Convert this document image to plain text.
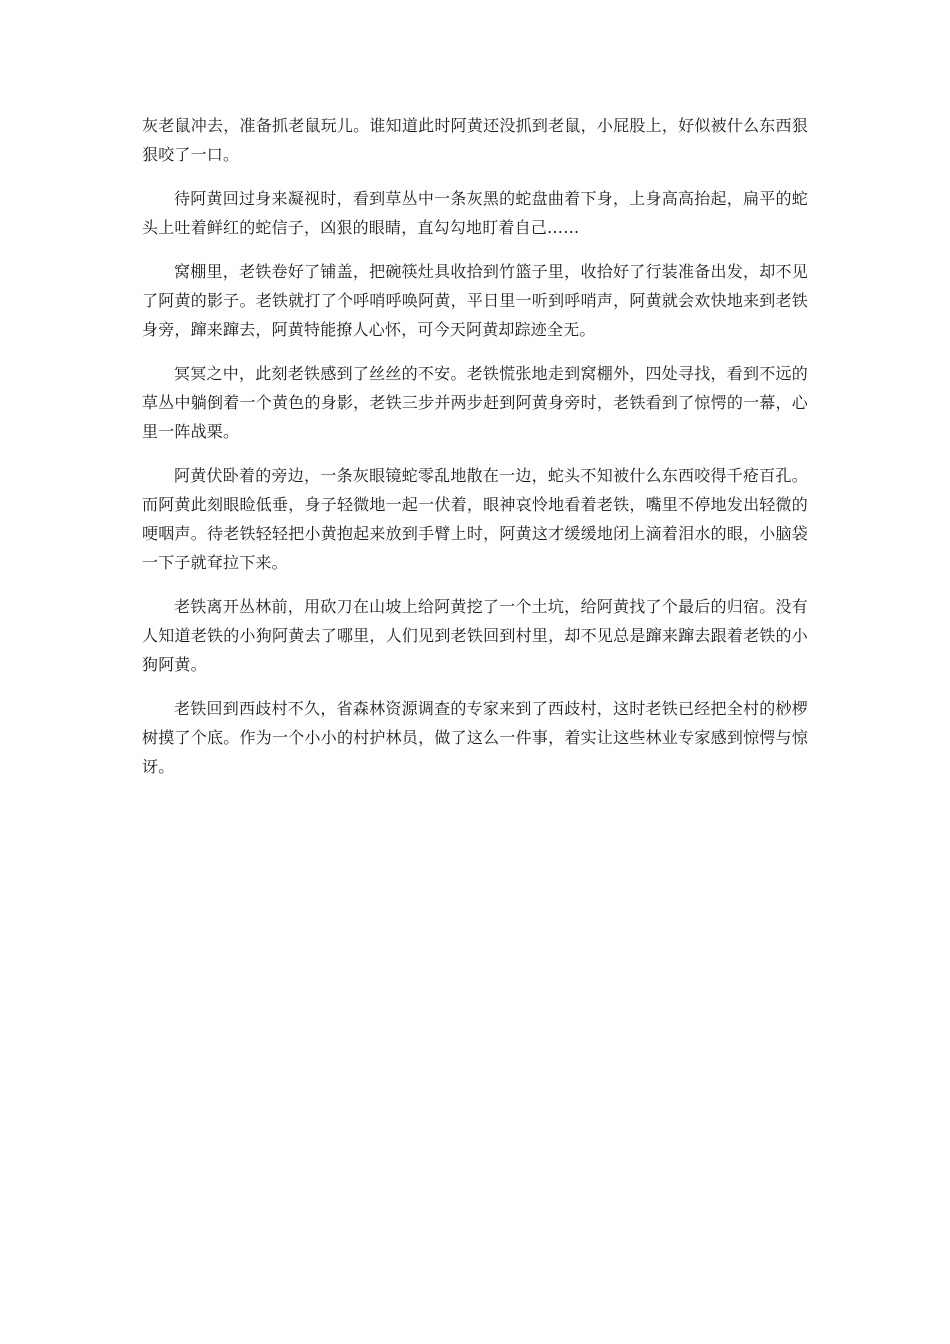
灰老鼠冲去，准备抓老鼠玩儿。谁知道此时阿黄还没抓到老鼠，小屁股上，好似被什么东西狠狠咬了一口。

待阿黄回过身来凝视时，看到草丛中一条灰黑的蛇盘曲着下身，上身高高抬起，扁平的蛇头上吐着鲜红的蛇信子，凶狠的眼睛，直勾勾地盯着自己……

窝棚里，老铁卷好了铺盖，把碗筷灶具收拾到竹篮子里，收拾好了行装准备出发，却不见了阿黄的影子。老铁就打了个呼哨呼唤阿黄，平日里一听到呼哨声，阿黄就会欢快地来到老铁身旁，蹿来蹿去，阿黄特能撩人心怀，可今天阿黄却踪迹全无。

冥冥之中，此刻老铁感到了丝丝的不安。老铁慌张地走到窝棚外，四处寻找，看到不远的草丛中躺倒着一个黄色的身影，老铁三步并两步赶到阿黄身旁时，老铁看到了惊愕的一幕，心里一阵战栗。

阿黄伏卧着的旁边，一条灰眼镜蛇零乱地散在一边，蛇头不知被什么东西咬得千疮百孔。而阿黄此刻眼睑低垂，身子轻微地一起一伏着，眼神哀怜地看着老铁，嘴里不停地发出轻微的哽咽声。待老铁轻轻把小黄抱起来放到手臂上时，阿黄这才缓缓地闭上滴着泪水的眼，小脑袋一下子就耷拉下来。

老铁离开丛林前，用砍刀在山坡上给阿黄挖了一个土坑，给阿黄找了个最后的归宿。没有人知道老铁的小狗阿黄去了哪里，人们见到老铁回到村里，却不见总是蹿来蹿去跟着老铁的小狗阿黄。

老铁回到西歧村不久，省森林资源调查的专家来到了西歧村，这时老铁已经把全村的桫椤树摸了个底。作为一个小小的村护林员，做了这么一件事，着实让这些林业专家感到惊愕与惊讶。
